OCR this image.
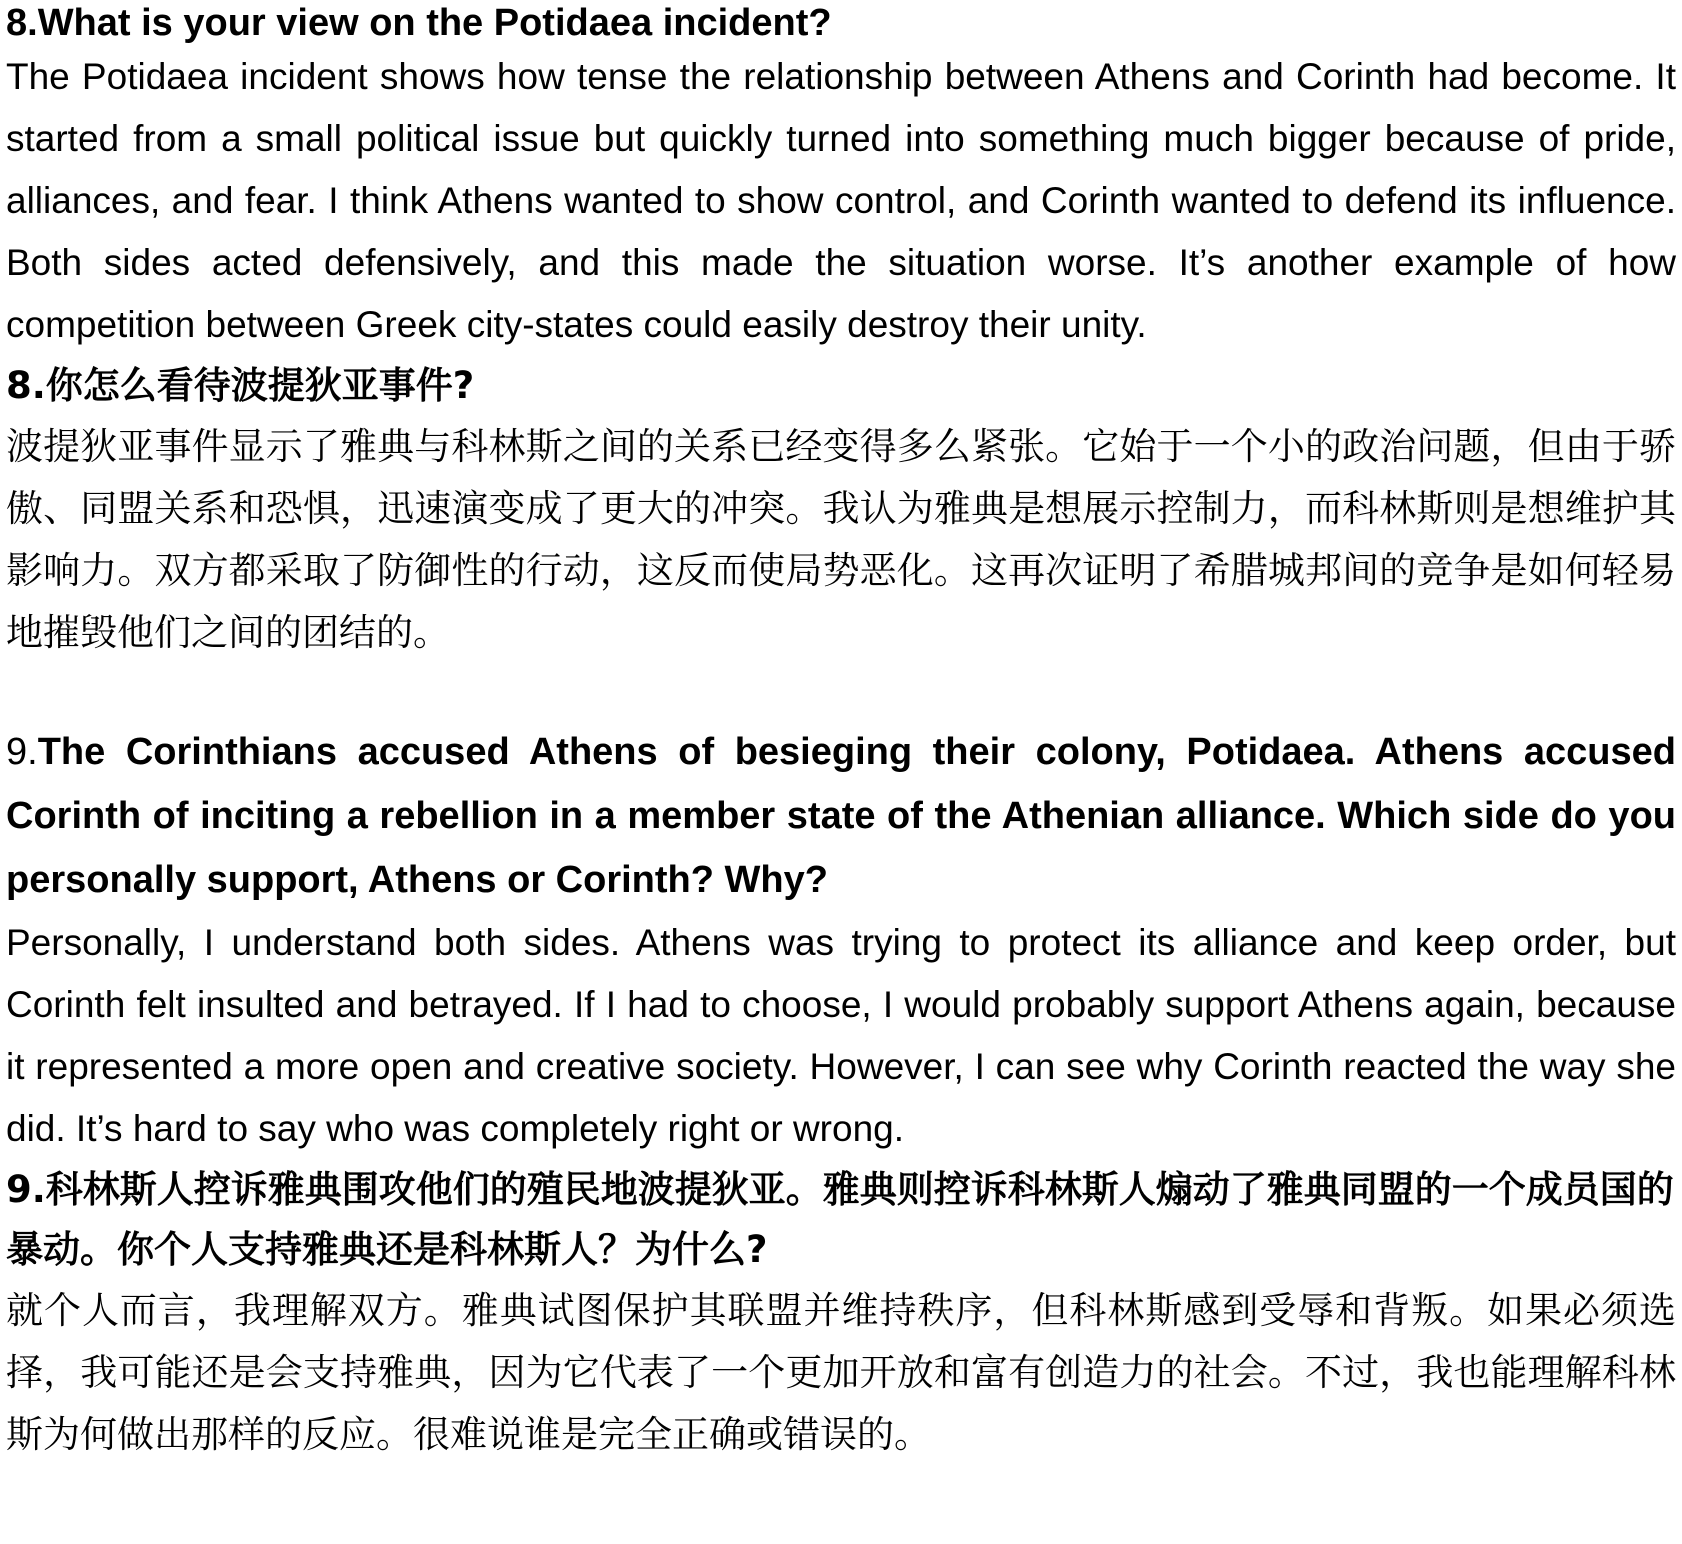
8.What is your view on the Potidaea incident?

The Potidaea incident shows how tense the relationship between Athens and Corinth had become. It started from a small political issue but quickly turned into something much bigger because of pride, alliances, and fear. I think Athens wanted to show control, and Corinth wanted to defend its influence. Both sides acted defensively, and this made the situation worse. It’s another example of how competition between Greek city-states could easily destroy their unity.

8.你怎么看待波提狄亚事件?

波提狄亚事件显示了雅典与科林斯之间的关系已经变得多么紧张。它始于一个小的政治问题，但由于骄傲、同盟关系和恐惧，迅速演变成了更大的冲突。我认为雅典是想展示控制力，而科林斯则是想维护其影响力。双方都采取了防御性的行动，这反而使局势恶化。这再次证明了希腊城邦间的竞争是如何轻易地摧毁他们之间的团结的。

9.The Corinthians accused Athens of besieging their colony, Potidaea. Athens accused Corinth of inciting a rebellion in a member state of the Athenian alliance. Which side do you personally support, Athens or Corinth? Why?

Personally, I understand both sides. Athens was trying to protect its alliance and keep order, but Corinth felt insulted and betrayed. If I had to choose, I would probably support Athens again, because it represented a more open and creative society. However, I can see why Corinth reacted the way she did. It’s hard to say who was completely right or wrong.

9.科林斯人控诉雅典围攻他们的殖民地波提狄亚。雅典则控诉科林斯人煽动了雅典同盟的一个成员国的暴动。你个人支持雅典还是科林斯人？为什么?

就个人而言，我理解双方。雅典试图保护其联盟并维持秩序，但科林斯感到受辱和背叛。如果必须选择，我可能还是会支持雅典，因为它代表了一个更加开放和富有创造力的社会。不过，我也能理解科林斯为何做出那样的反应。很难说谁是完全正确或错误的。
